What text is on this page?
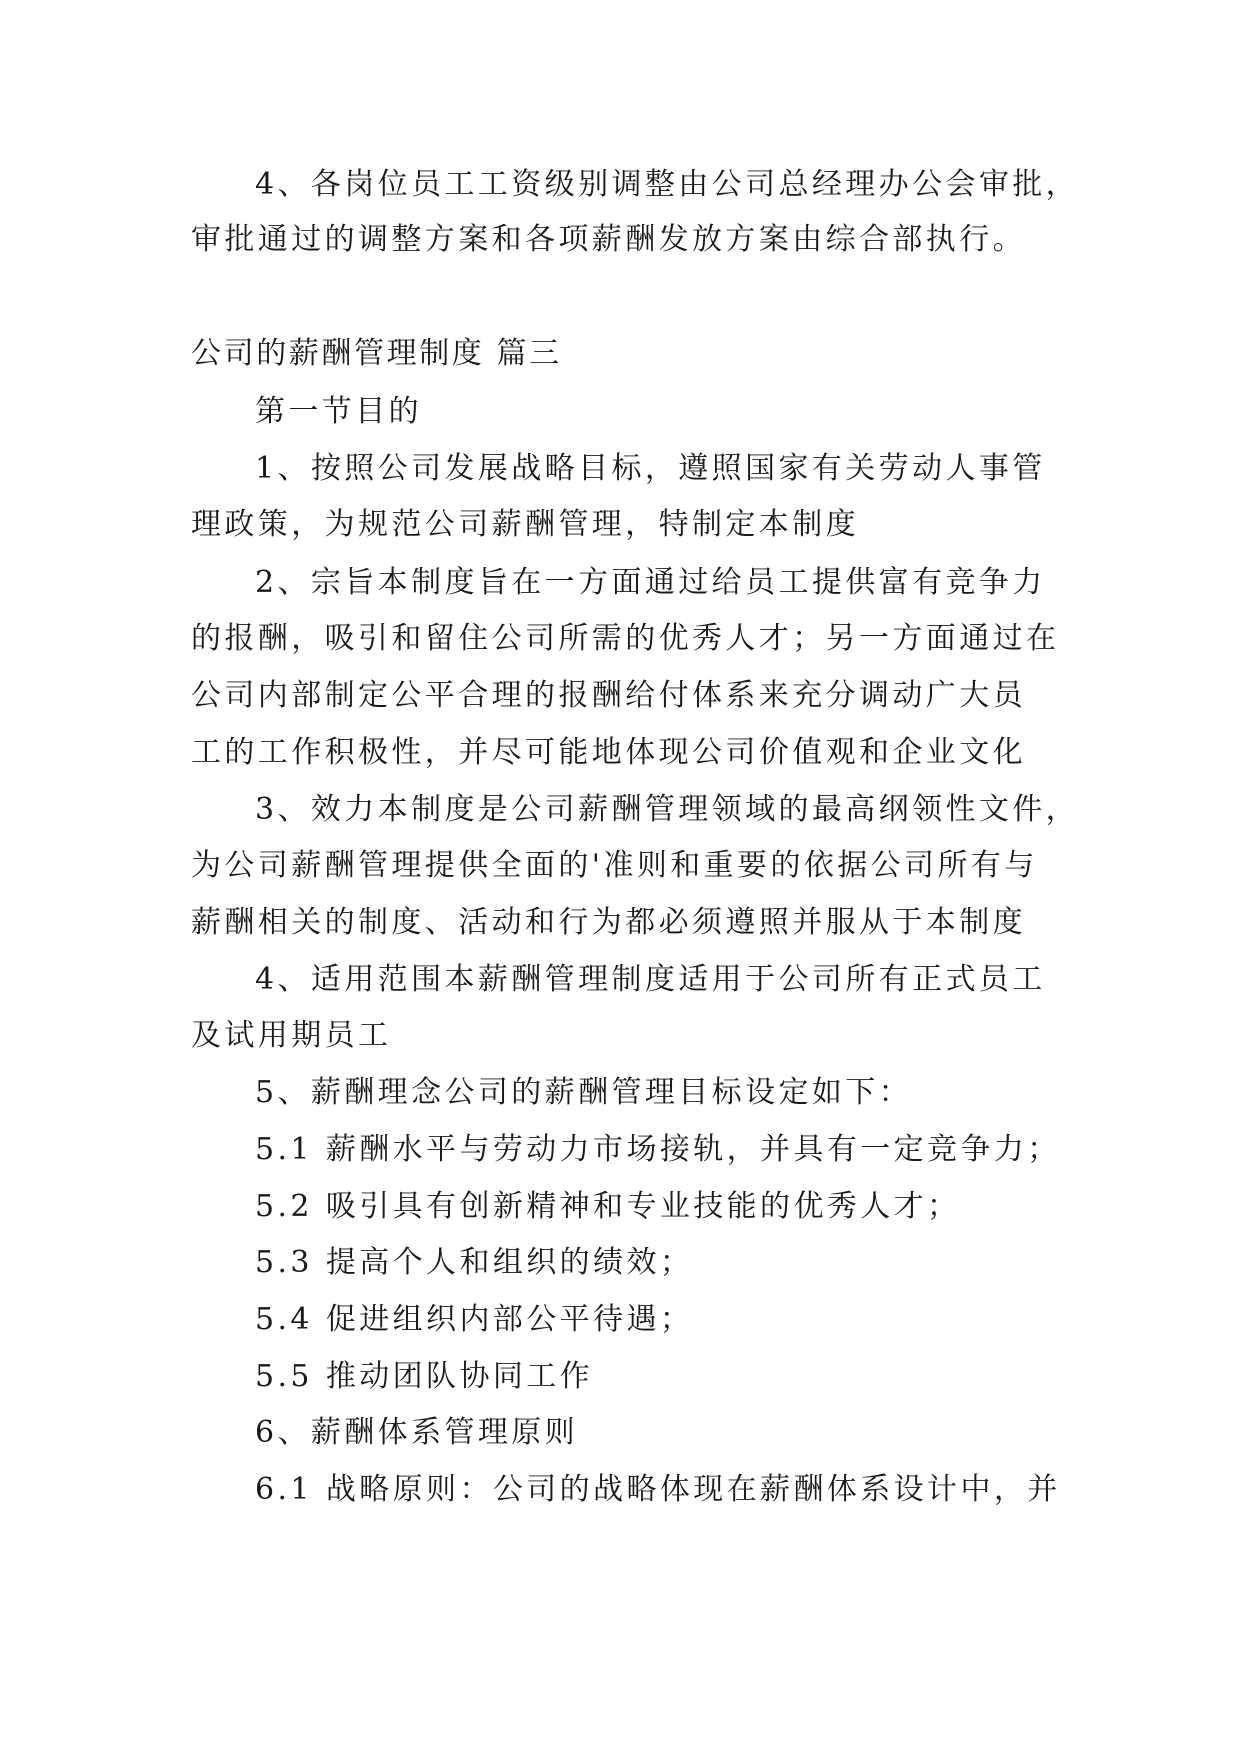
4、各岗位员工工资级别调整由公司总经理办公会审批，
审批通过的调整方案和各项薪酬发放方案由综合部执行。
公司的薪酬管理制度 篇三
第一节目的
1、按照公司发展战略目标，遵照国家有关劳动人事管
理政策，为规范公司薪酬管理，特制定本制度
2、宗旨本制度旨在一方面通过给员工提供富有竞争力
的报酬，吸引和留住公司所需的优秀人才；另一方面通过在
公司内部制定公平合理的报酬给付体系来充分调动广大员
工的工作积极性，并尽可能地体现公司价值观和企业文化
3、效力本制度是公司薪酬管理领域的最高纲领性文件，
为公司薪酬管理提供全面的'准则和重要的依据公司所有与
薪酬相关的制度、活动和行为都必须遵照并服从于本制度
4、适用范围本薪酬管理制度适用于公司所有正式员工
及试用期员工
5、薪酬理念公司的薪酬管理目标设定如下：
5.1 薪酬水平与劳动力市场接轨，并具有一定竞争力；
5.2 吸引具有创新精神和专业技能的优秀人才；
5.3 提高个人和组织的绩效；
5.4 促进组织内部公平待遇；
5.5 推动团队协同工作
6、薪酬体系管理原则
6.1 战略原则：公司的战略体现在薪酬体系设计中，并
